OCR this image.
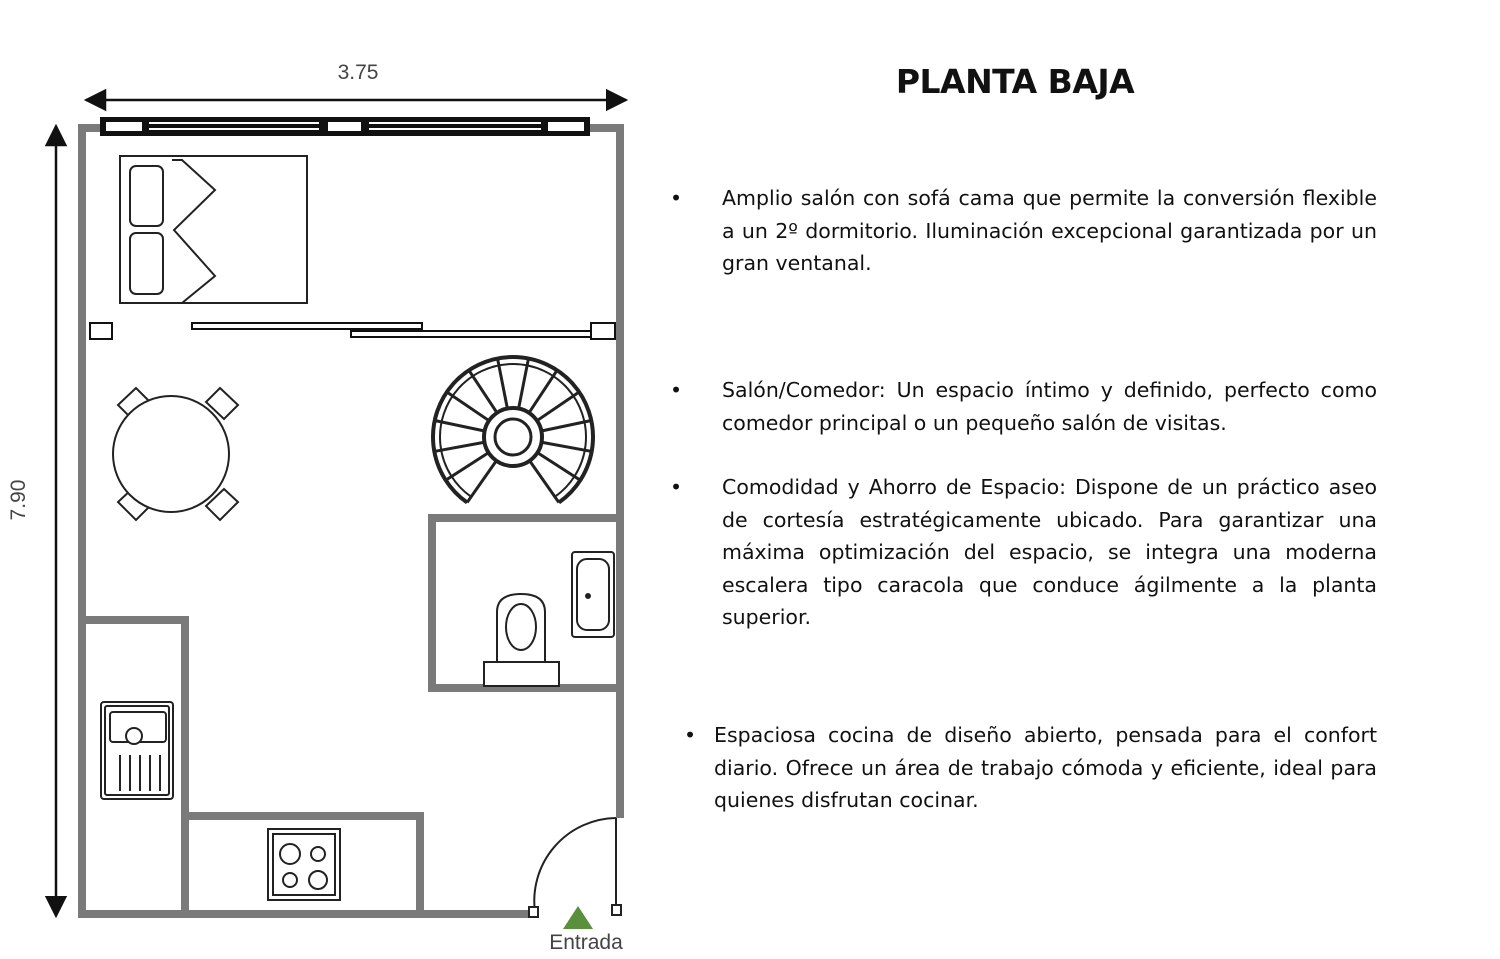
3.75
7.90
Entrada
PLANTA BAJA
• Amplio salón con sofá cama que permite la conversión flexible a un 2º dormitorio. Iluminación excepcional garantizada por un gran ventanal.
• Salón/Comedor: Un espacio íntimo y definido, perfecto como comedor principal o un pequeño salón de visitas.
• Comodidad y Ahorro de Espacio: Dispone de un práctico aseo de cortesía estratégicamente ubicado. Para garantizar una máxima optimización del espacio, se integra una moderna escalera tipo caracola que conduce ágilmente a la planta superior.
• Espaciosa cocina de diseño abierto, pensada para el confort diario. Ofrece un área de trabajo cómoda y eficiente, ideal para quienes disfrutan cocinar.
